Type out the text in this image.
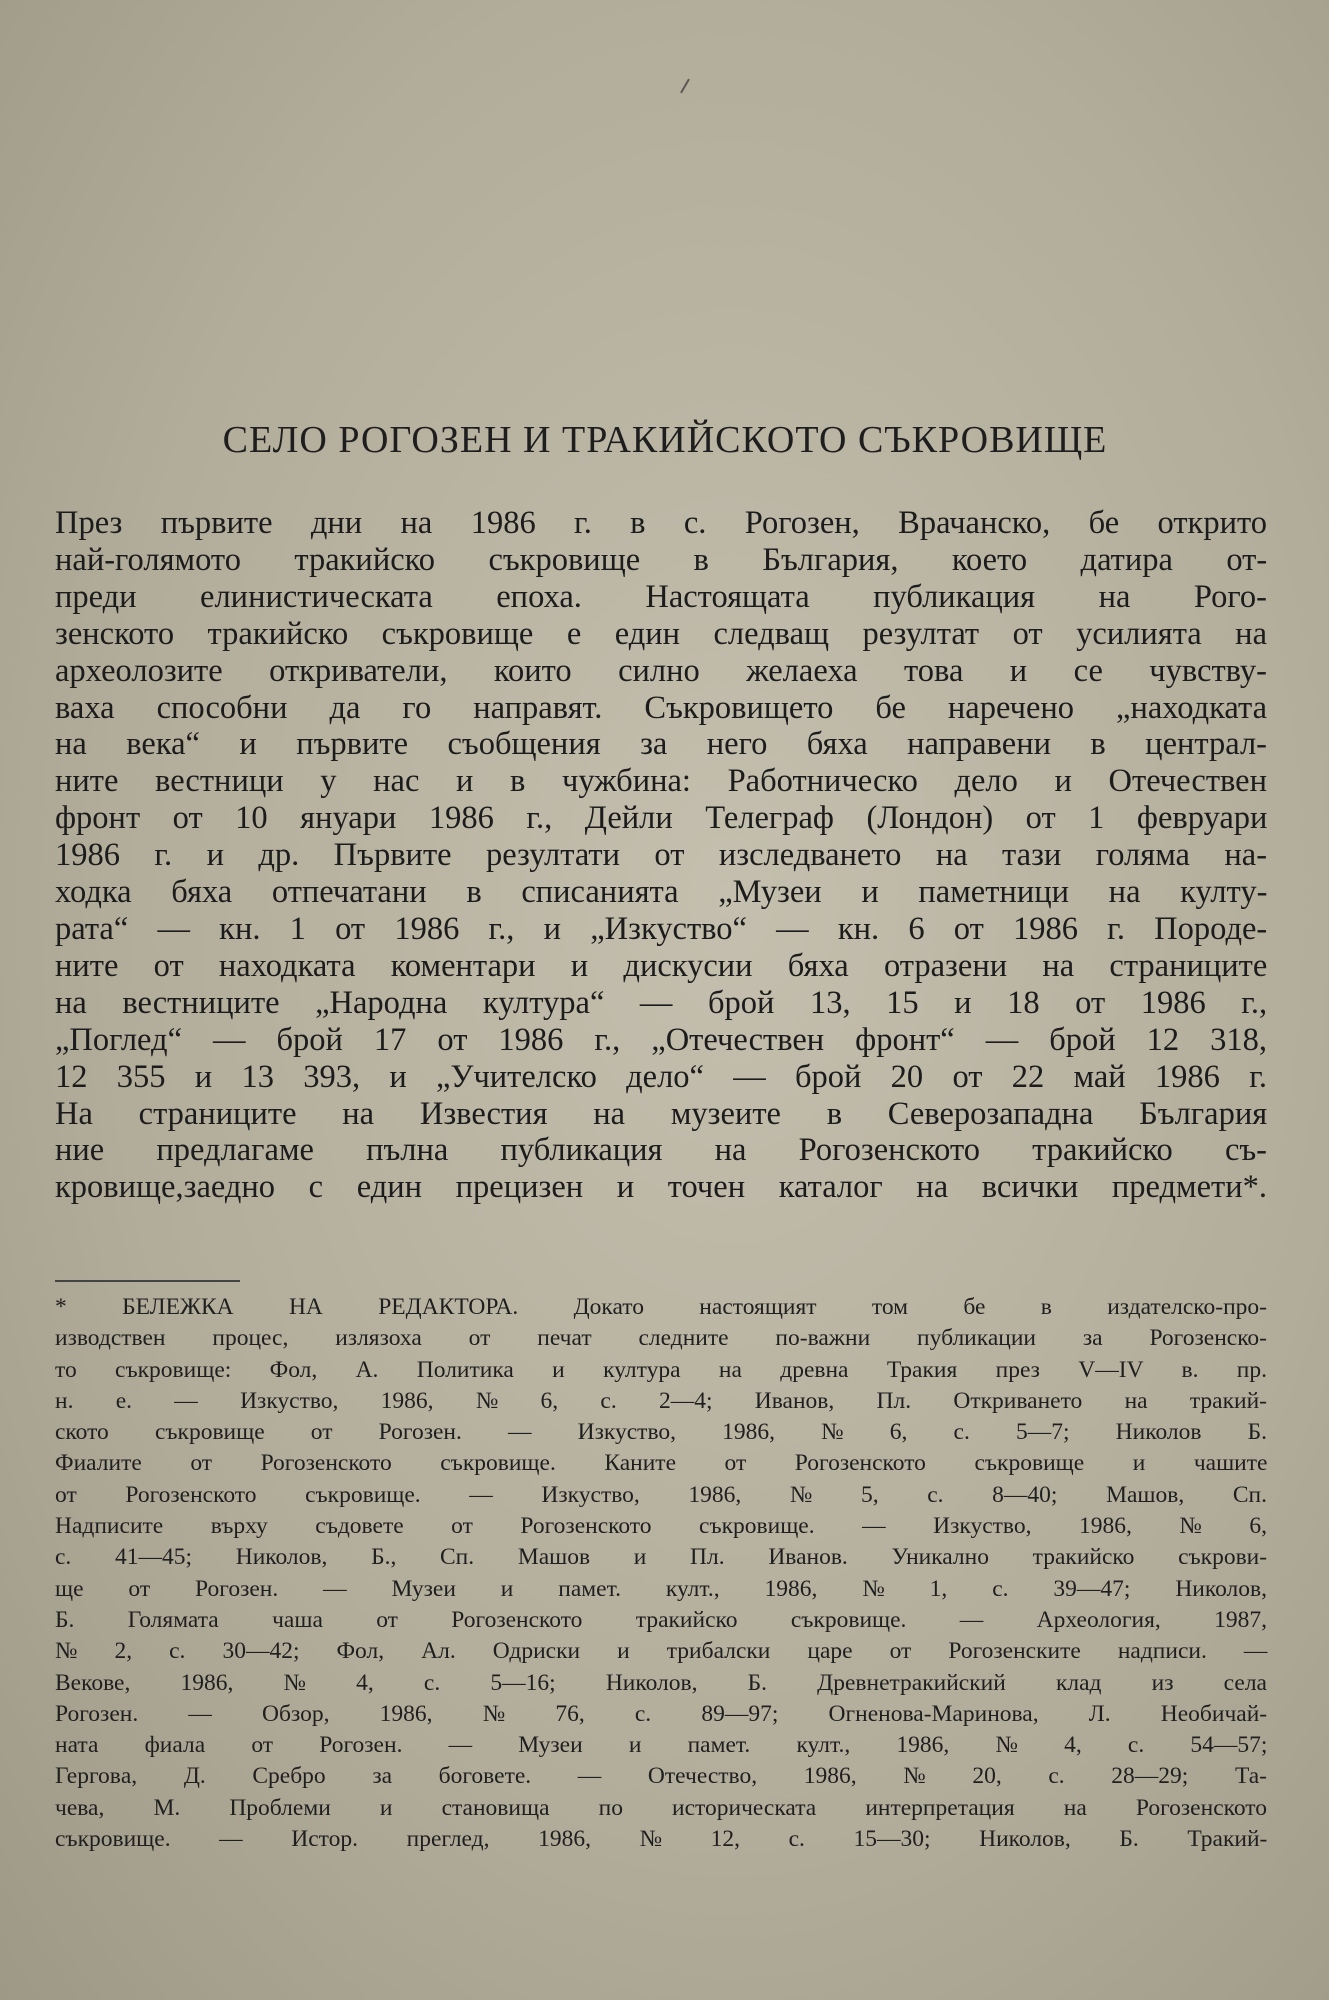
СЕЛО РОГОЗЕН И ТРАКИЙСКОТО СЪКРОВИЩЕ
През първите дни на 1986 г. в с. Рогозен, Врачанско, бе открито
най-голямото тракийско съкровище в България, което датира от-
преди елинистическата епоха. Настоящата публикация на Рого-
зенското тракийско съкровище е един следващ резултат от усилията на
археолозите откриватели, които силно желаеха това и се чувству-
ваха способни да го направят. Съкровището бе наречено „находката
на века“ и първите съобщения за него бяха направени в централ-
ните вестници у нас и в чужбина: Работническо дело и Отечествен
фронт от 10 януари 1986 г., Дейли Телеграф (Лондон) от 1 февруари
1986 г. и др. Първите резултати от изследването на тази голяма на-
ходка бяха отпечатани в списанията „Музеи и паметници на култу-
рата“ — кн. 1 от 1986 г., и „Изкуство“ — кн. 6 от 1986 г. Породе-
ните от находката коментари и дискусии бяха отразени на страниците
на вестниците „Народна култура“ — брой 13, 15 и 18 от 1986 г.,
„Поглед“ — брой 17 от 1986 г., „Отечествен фронт“ — брой 12 318,
12 355 и 13 393, и „Учителско дело“ — брой 20 от 22 май 1986 г.
На страниците на Известия на музеите в Северозападна България
ние предлагаме пълна публикация на Рогозенското тракийско съ-
кровище,заедно с един прецизен и точен каталог на всички предмети*.
* БЕЛЕЖКА НА РЕДАКТОРА. Докато настоящият том бе в издателско-про-
изводствен процес, излязоха от печат следните по-важни публикации за Рогозенско-
то съкровище: Фол, А. Политика и култура на древна Тракия през V—IV в. пр.
н. е. — Изкуство, 1986, № 6, с. 2—4; Иванов, Пл. Откриването на тракий-
ското съкровище от Рогозен. — Изкуство, 1986, № 6, с. 5—7; Николов Б.
Фиалите от Рогозенското съкровище. Каните от Рогозенското съкровище и чашите
от Рогозенското съкровище. — Изкуство, 1986, № 5, с. 8—40; Машов, Сп.
Надписите върху съдовете от Рогозенското съкровище. — Изкуство, 1986, № 6,
с. 41—45; Николов, Б., Сп. Машов и Пл. Иванов. Уникално тракийско съкрови-
ще от Рогозен. — Музеи и памет. култ., 1986, № 1, с. 39—47; Николов,
Б. Голямата чаша от Рогозенското тракийско съкровище. — Археология, 1987,
№ 2, с. 30—42; Фол, Ал. Одриски и трибалски царе от Рогозенските надписи. —
Векове, 1986, № 4, с. 5—16; Николов, Б. Древнетракийский клад из села
Рогозен. — Обзор, 1986, № 76, с. 89—97; Огненова-Маринова, Л. Необичай-
ната фиала от Рогозен. — Музеи и памет. култ., 1986, № 4, с. 54—57;
Герговa, Д. Сребро за боговете. — Отечество, 1986, № 20, с. 28—29; Та-
чева, М. Проблеми и становища по историческата интерпретация на Рогозенското
съкровище. — Истор. преглед, 1986, № 12, с. 15—30; Николов, Б. Тракий-
